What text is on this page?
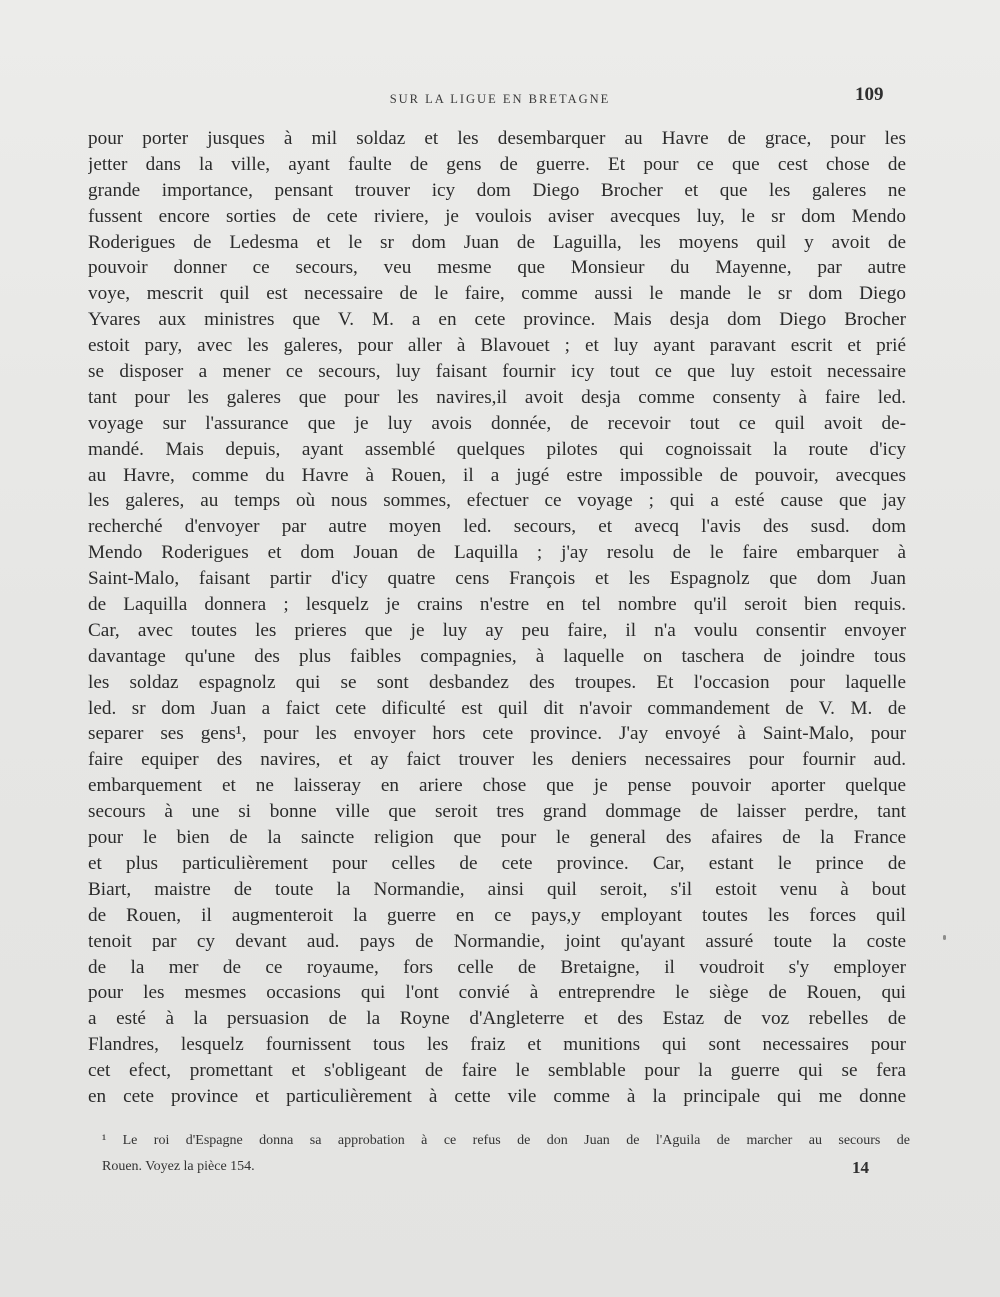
SUR LA LIGUE EN BRETAGNE	109
pour porter jusques à mil soldaz et les desembarquer au Havre de grace, pour les
jetter dans la ville, ayant faulte de gens de guerre. Et pour ce que cest chose de
grande importance, pensant trouver icy dom Diego Brocher et que les galeres ne
fussent encore sorties de cete riviere, je voulois aviser avecques luy, le sr dom Mendo
Roderigues de Ledesma et le sr dom Juan de Laguilla, les moyens quil y avoit de
pouvoir donner ce secours, veu mesme que Monsieur du Mayenne, par autre
voye, mescrit quil est necessaire de le faire, comme aussi le mande le sr dom Diego
Yvares aux ministres que V. M. a en cete province. Mais desja dom Diego Brocher
estoit pary, avec les galeres, pour aller à Blavouet ; et luy ayant paravant escrit et prié
se disposer a mener ce secours, luy faisant fournir icy tout ce que luy estoit necessaire
tant pour les galeres que pour les navires,il avoit desja comme consenty à faire led.
voyage sur l'assurance que je luy avois donnée, de recevoir tout ce quil avoit de-
mandé. Mais depuis, ayant assemblé quelques pilotes qui cognoissait la route d'icy
au Havre, comme du Havre à Rouen, il a jugé estre impossible de pouvoir, avecques
les galeres, au temps où nous sommes, efectuer ce voyage ; qui a esté cause que jay
recherché d'envoyer par autre moyen led. secours, et avecq l'avis des susd. dom
Mendo Roderigues et dom Jouan de Laquilla ; j'ay resolu de le faire embarquer à
Saint-Malo, faisant partir d'icy quatre cens François et les Espagnolz que dom Juan
de Laquilla donnera ; lesquelz je crains n'estre en tel nombre qu'il seroit bien requis.
Car, avec toutes les prieres que je luy ay peu faire, il n'a voulu consentir envoyer
davantage qu'une des plus faibles compagnies, à laquelle on taschera de joindre tous
les soldaz espagnolz qui se sont desbandez des troupes. Et l'occasion pour laquelle
led. sr dom Juan a faict cete dificulté est quil dit n'avoir commandement de V. M. de
separer ses gens¹, pour les envoyer hors cete province. J'ay envoyé à Saint-Malo, pour
faire equiper des navires, et ay faict trouver les deniers necessaires pour fournir aud.
embarquement et ne laisseray en ariere chose que je pense pouvoir aporter quelque
secours à une si bonne ville que seroit tres grand dommage de laisser perdre, tant
pour le bien de la saincte religion que pour le general des afaires de la France
et plus particulièrement pour celles de cete province. Car, estant le prince de
Biart, maistre de toute la Normandie, ainsi quil seroit, s'il estoit venu à bout
de Rouen, il augmenteroit la guerre en ce pays,y employant toutes les forces quil
tenoit par cy devant aud. pays de Normandie, joint qu'ayant assuré toute la coste
de la mer de ce royaume, fors celle de Bretaigne, il voudroit s'y employer
pour les mesmes occasions qui l'ont convié à entreprendre le siège de Rouen, qui
a esté à la persuasion de la Royne d'Angleterre et des Estaz de voz rebelles de
Flandres, lesquelz fournissent tous les fraiz et munitions qui sont necessaires pour
cet efect, promettant et s'obligeant de faire le semblable pour la guerre qui se fera
en cete province et particulièrement à cette vile comme à la principale qui me donne
¹ Le roi d'Espagne donna sa approbation à ce refus de don Juan de l'Aguila de marcher au secours de
Rouen. Voyez la pièce 154.	14
